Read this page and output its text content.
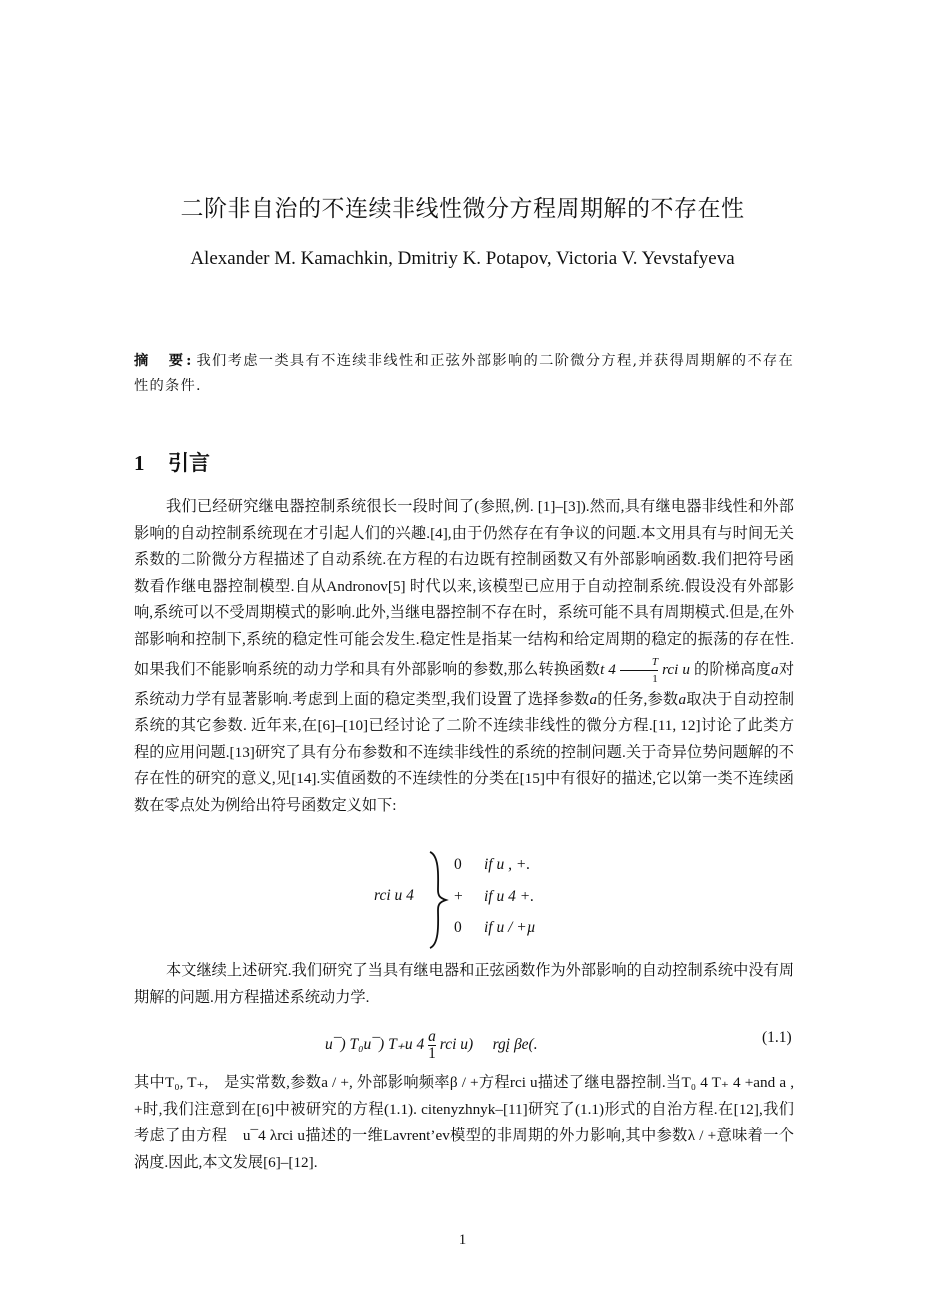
二阶非自治的不连续非线性微分方程周期解的不存在性
Alexander M. Kamachkin, Dmitriy K. Potapov, Victoria V. Yevstafyeva
摘　要: 我们考虑一类具有不连续非线性和正弦外部影响的二阶微分方程,并获得周期解的不存在性的条件.
1 引言

我们已经研究继电器控制系统很长一段时间了(参照,例. [1]–[3]).然而,具有继电器非线性和外部影响的自动控制系统现在才引起人们的兴趣.[4],由于仍然存在有争议的问题.本文用具有与时间无关系数的二阶微分方程描述了自动系统.在方程的右边既有控制函数又有外部影响函数.我们把符号函数看作继电器控制模型.自从Andronov[5] 时代以来,该模型已应用于自动控制系统.假设没有外部影响,系统可以不受周期模式的影响.此外,当继电器控制不存在时，系统可能不具有周期模式.但是,在外部影响和控制下,系统的稳定性可能会发生.稳定性是指某一结构和给定周期的稳定的振荡的存在性.如果我们不能影响系统的动力学和具有外部影响的参数,那么转换函数t $4 \frac{T}{1}$ rci u 的阶梯高度a对系统动力学有显著影响.考虑到上面的稳定类型,我们设置了选择参数a的任务,参数a取决于自动控制系统的其它参数. 近年来,在[6]–[10]已经讨论了二阶不连续非线性的微分方程.[11, 12]讨论了此类方程的应用问题.[13]研究了具有分布参数和不连续非线性的系统的控制问题.关于奇异位势问题解的不存在性的研究的意义,见[14].实值函数的不连续性的分类在[15]中有很好的描述,它以第一类不连续函数在零点处为例给出符号函数定义如下:

rci u 4
0 if u , +.
+ if u 4 +.
0 if u / +µ

本文继续上述研究.我们研究了当具有继电器和正弦函数作为外部影响的自动控制系统中没有周期解的问题.用方程描述系统动力学.

u¯) T₀u¯) T₊u $4 \frac{a}{1}$ rci u)　 rgį βe(.	(1.1)

其中T₀, T₊,　是实常数,参数a / +, 外部影响频率β / +方程rci u描述了继电器控制.当T₀ 4 T₊ 4 +and a , +时,我们注意到在[6]中被研究的方程(1.1). citenyzhnyk–[11]研究了(1.1)形式的自治方程.在[12],我们考虑了由方程　u¯4 λrci u描述的一维Lavrent’ev模型的非周期的外力影响,其中参数λ / +意味着一个涡度.因此,本文发展[6]–[12].

1
